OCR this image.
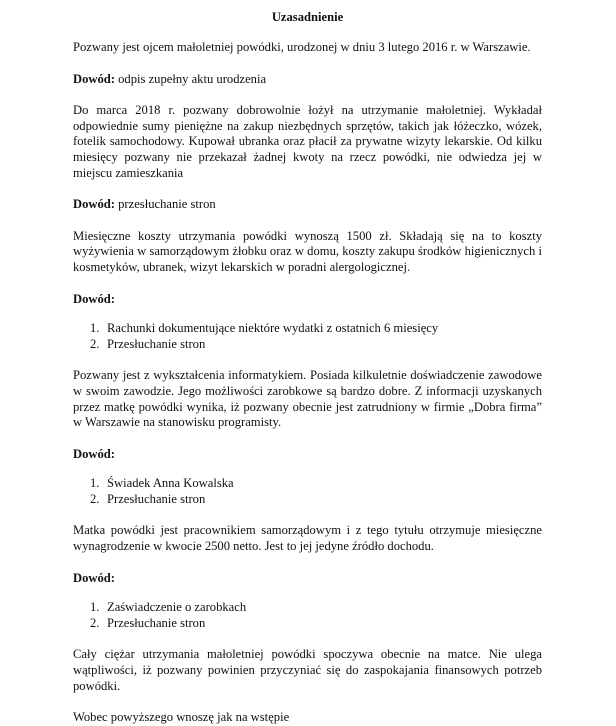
Uzasadnienie

Pozwany jest ojcem małoletniej powódki, urodzonej w dniu 3 lutego 2016 r. w Warszawie.

Dowód: odpis zupełny aktu urodzenia

Do marca 2018 r. pozwany dobrowolnie łożył na utrzymanie małoletniej. Wykładał odpowiednie sumy pieniężne na zakup niezbędnych sprzętów, takich jak łóżeczko, wózek, fotelik samochodowy. Kupował ubranka oraz płacił za prywatne wizyty lekarskie. Od kilku miesięcy pozwany nie przekazał żadnej kwoty na rzecz powódki, nie odwiedza jej w miejscu zamieszkania

Dowód: przesłuchanie stron

Miesięczne koszty utrzymania powódki wynoszą 1500 zł. Składają się na to koszty wyżywienia w samorządowym żłobku oraz w domu, koszty zakupu środków higienicznych i kosmetyków, ubranek, wizyt lekarskich w poradni alergologicznej.

Dowód:

1. Rachunki dokumentujące niektóre wydatki z ostatnich 6 miesięcy
2. Przesłuchanie stron

Pozwany jest z wykształcenia informatykiem. Posiada kilkuletnie doświadczenie zawodowe w swoim zawodzie. Jego możliwości zarobkowe są bardzo dobre. Z informacji uzyskanych przez matkę powódki wynika, iż pozwany obecnie jest zatrudniony w firmie „Dobra firma” w Warszawie na stanowisku programisty.

Dowód:

1. Świadek Anna Kowalska
2. Przesłuchanie stron

Matka powódki jest pracownikiem samorządowym i z tego tytułu otrzymuje miesięczne wynagrodzenie w kwocie 2500 netto. Jest to jej jedyne źródło dochodu.

Dowód:

1. Zaświadczenie o zarobkach
2. Przesłuchanie stron

Cały ciężar utrzymania małoletniej powódki spoczywa obecnie na matce. Nie ulega wątpliwości, iż pozwany powinien przyczyniać się do zaspokajania finansowych potrzeb powódki.

Wobec powyższego wnoszę jak na wstępie
